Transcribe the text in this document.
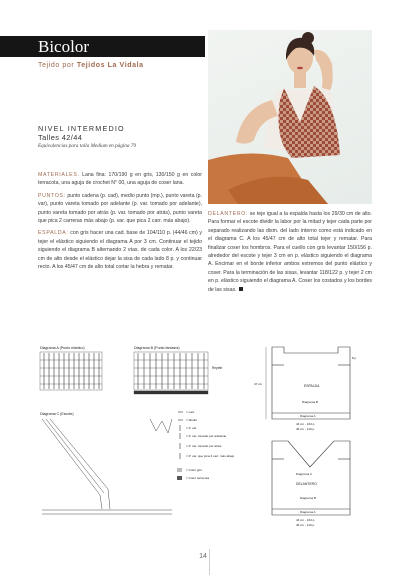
Bicolor
Tejido por Tejidos La Vidala
NIVEL INTERMEDIO
Talles 42/44
Equivalencias para talla Medium en página 79

MATERIALES. Lana fina: 170/190 g en gris, 130/150 g en color terracota, una aguja de crochet N° 00, una aguja de coser lana.

PUNTOS: punto cadena (p. cad), medio punto (mp.), punto vareta (p. var), punto vareta tomado por adelante (p. var. tomado por adelante), punto vareta tomado por atrás (p. var. tomado por atrás), punto vareta que pica 2 carreras más abajo (p. var. que pica 2 carr. más abajo).

ESPALDA: con gris hacer una cad. base de 104/110 p. (44/46 cm) y tejer el elástico siguiendo el diagrama A por 3 cm. Continuar el tejido siguiendo el diagrama B alternando 2 vtas. de cada color. A los 22/23 cm de alto desde el elástico dejar la sisa de cada lado 8 p. y continuar recto. A los 45/47 cm de alto total cortar la hebra y rematar.

DELANTERO: se teje igual a la espalda hasta los 29/30 cm de alto. Para formar el escote dividir la labor por la mitad y tejer cada parte por separado realizando las dism. del lado interno como está indicado en el diagrama C. A los 45/47 cm de alto total tejer y rematar. Para finalizar coser los hombros. Para el cuello con gris levantar 150/156 p. alrededor del escote y tejer 3 cm en p. elástico siguiendo el diagrama A. Encimar en el borde inferior ambos extremos del punto elástico y coser. Para la terminación de las sisas, levantar 118/122 p. y tejer 2 cm en p. elástico siguiendo el diagrama A. Coser los costados y los bordes de las sisas.

Diagrama A (Punto elástico)	Diagrama B (Punto fantasía)
Repetir
Diagrama C (Escote)	= cad.
= Medio
= P. var.
= P. var. tomado por adelante
= P. var. tomado por atrás
= P. var. que pica 2 carr. más abajo
= Color gris
= Color terracota
ESPALDA
Diagrama B
Diagrama A
47 cm
8 p.
44 cm - 104 p.
46 cm - 110 p.
Diagrama C
DELANTERO
Diagrama B
Diagrama A
44 cm - 104 p.
46 cm - 110 p.
14
